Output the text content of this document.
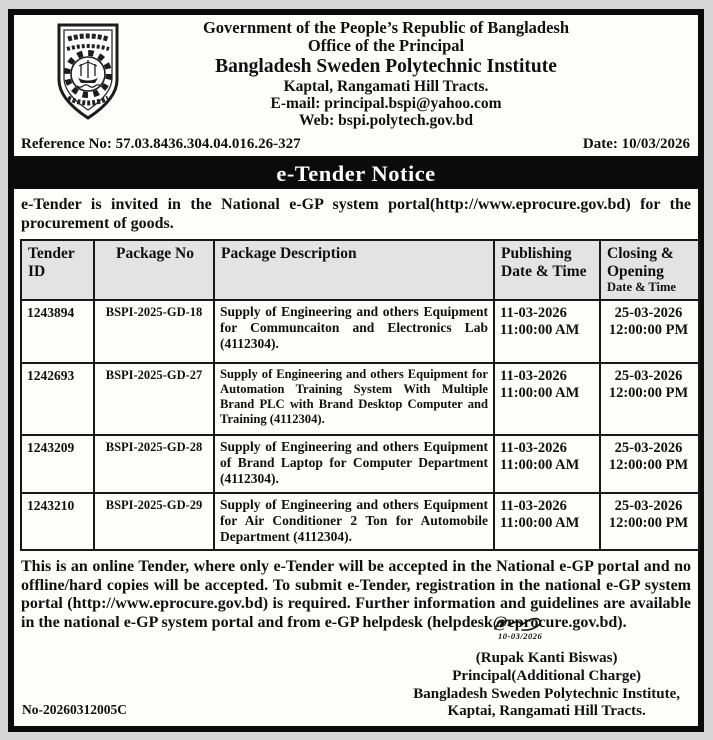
Government of the People’s Republic of Bangladesh
Office of the Principal
Bangladesh Sweden Polytechnic Institute
Kaptal, Rangamati Hill Tracts.
E-mail: principal.bspi@yahoo.com
Web: bspi.polytech.gov.bd
Reference No: 57.03.8436.304.04.016.26-327	Date: 10/03/2026
e-Tender Notice

e-Tender is invited in the National e-GP system portal(http://www.eprocure.gov.bd) for the procurement of goods.

Tender ID	Package No	Package Description	Publishing Date & Time	Closing & Opening
Date & Time

1243894	BSPI-2025-GD-18	Supply of Engineering and others Equipment for Communcaiton and Electronics Lab (4112304).	11-03-2026
11:00:00 AM	25-03-2026
12:00:00 PM

1242693	BSPI-2025-GD-27	Supply of Engineering and others Equipment for Automation Training System With Multiple Brand PLC with Brand Desktop Computer and Training (4112304).	11-03-2026
11:00:00 AM	25-03-2026
12:00:00 PM

1243209	BSPI-2025-GD-28	Supply of Engineering and others Equipment of Brand Laptop for Computer Department (4112304).	11-03-2026
11:00:00 AM	25-03-2026
12:00:00 PM

1243210	BSPI-2025-GD-29	Supply of Engineering and others Equipment for Air Conditioner 2 Ton for Automobile Department (4112304).	11-03-2026
11:00:00 AM	25-03-2026
12:00:00 PM

This is an online Tender, where only e-Tender will be accepted in the National e-GP portal and no offline/hard copies will be accepted. To submit e-Tender, registration in the national e-GP system portal (http://www.eprocure.gov.bd) is required. Further information and guidelines are available in the national e-GP system portal and from e-GP helpdesk (helpdesk@eprocure.gov.bd).

(Rupak Kanti Biswas)
Principal(Additional Charge)
Bangladesh Sweden Polytechnic Institute,
Kaptai, Rangamati Hill Tracts.
10-03/2026
No-20260312005C
